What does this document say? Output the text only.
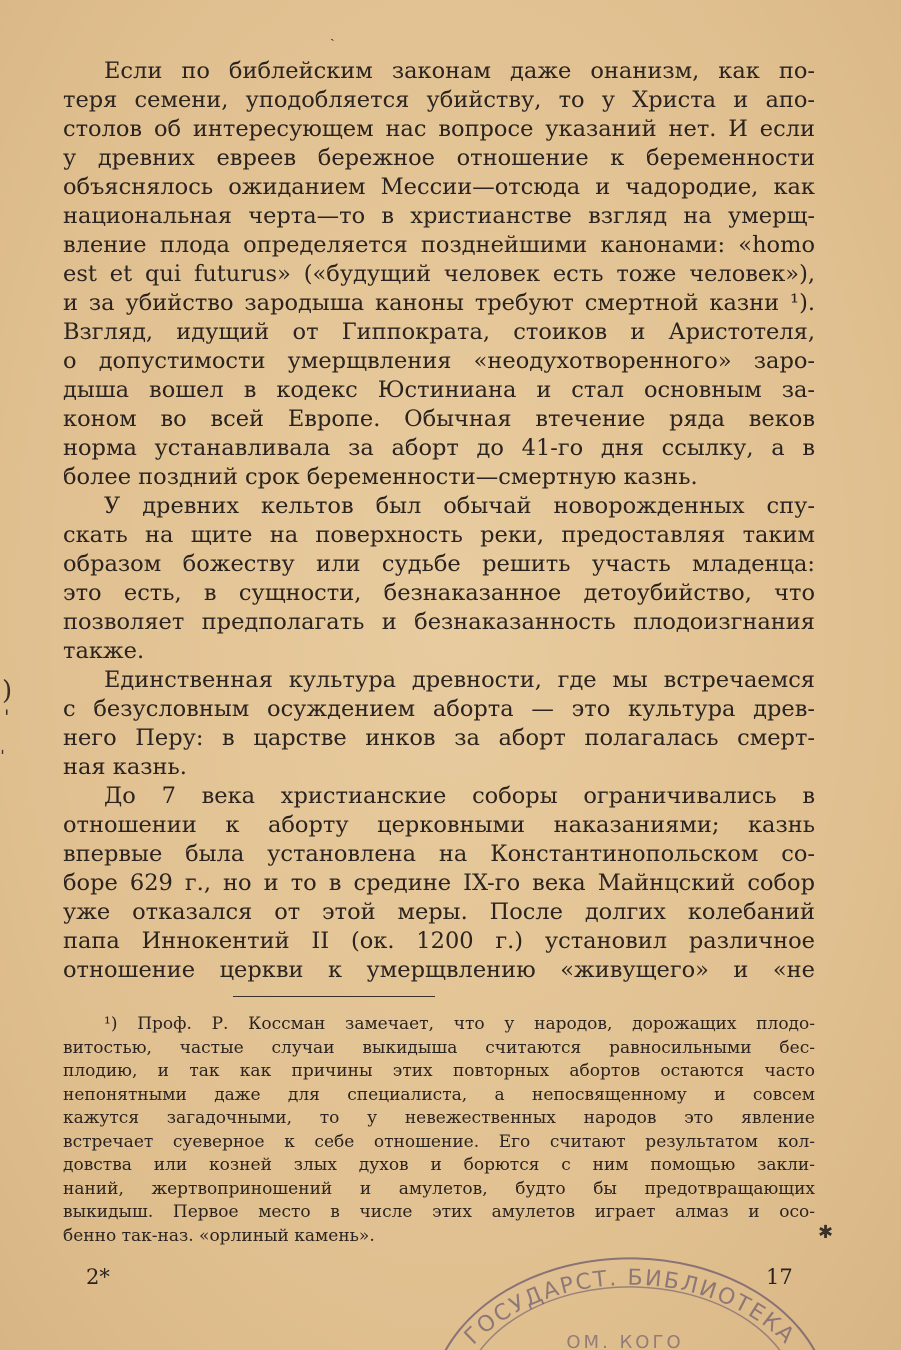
ˎ
)
'
ˌ
Если по библейским законам даже онанизм, как по-
теря семени, уподобляется убийству, то у Христа и апо-
столов об интересующем нас вопросе указаний нет. И если
у древних евреев бережное отношение к беременности
объяснялось ожиданием Мессии—отсюда и чадородие, как
национальная черта—то в христианстве взгляд на умерщ-
вление плода определяется позднейшими канонами: «homo
est et qui futurus» («будущий человек есть тоже человек»),
и за убийство зародыша каноны требуют смертной казни ¹).
Взгляд, идущий от Гиппократа, стоиков и Аристотеля,
о допустимости умерщвления «неодухотворенного» заро-
дыша вошел в кодекс Юстиниана и стал основным за-
коном во всей Европе. Обычная втечение ряда веков
норма устанавливала за аборт до 41-го дня ссылку, а в
более поздний срок беременности—смертную казнь.
У древних кельтов был обычай новорожденных спу-
скать на щите на поверхность реки, предоставляя таким
образом божеству или судьбе решить участь младенца:
это есть, в сущности, безнаказанное детоубийство, что
позволяет предполагать и безнаказанность плодоизгнания
также.
Единственная культура древности, где мы встречаемся
с безусловным осуждением аборта — это культура древ-
него Перу: в царстве инков за аборт полагалась смерт-
ная казнь.
До 7 века христианские соборы ограничивались в
отношении к аборту церковными наказаниями; казнь
впервые была установлена на Константинопольском со-
боре 629 г., но и то в средине IX-го века Майнцский собор
уже отказался от этой меры. После долгих колебаний
папа Иннокентий II (ок. 1200 г.) установил различное
отношение церкви к умерщвлению «живущего» и «не
¹) Проф. Р. Коссман замечает, что у народов, дорожащих плодо-
витостью, частые случаи выкидыша считаются равносильными бес-
плодию, и так как причины этих повторных абортов остаются часто
непонятными даже для специалиста, а непосвященному и совсем
кажутся загадочными, то у невежественных народов это явление
встречает суеверное к себе отношение. Его считают результатом кол-
довства или козней злых духов и борются с ним помощью закли-
наний, жертвоприношений и амулетов, будто бы предотвращающих
выкидыш. Первое место в числе этих амулетов играет алмаз и осо-
бенно так-наз. «орлиный камень».	✱
2*
ГОСУДАРСТ. БИБЛИОТЕКА
ОМ. КОГО
17
